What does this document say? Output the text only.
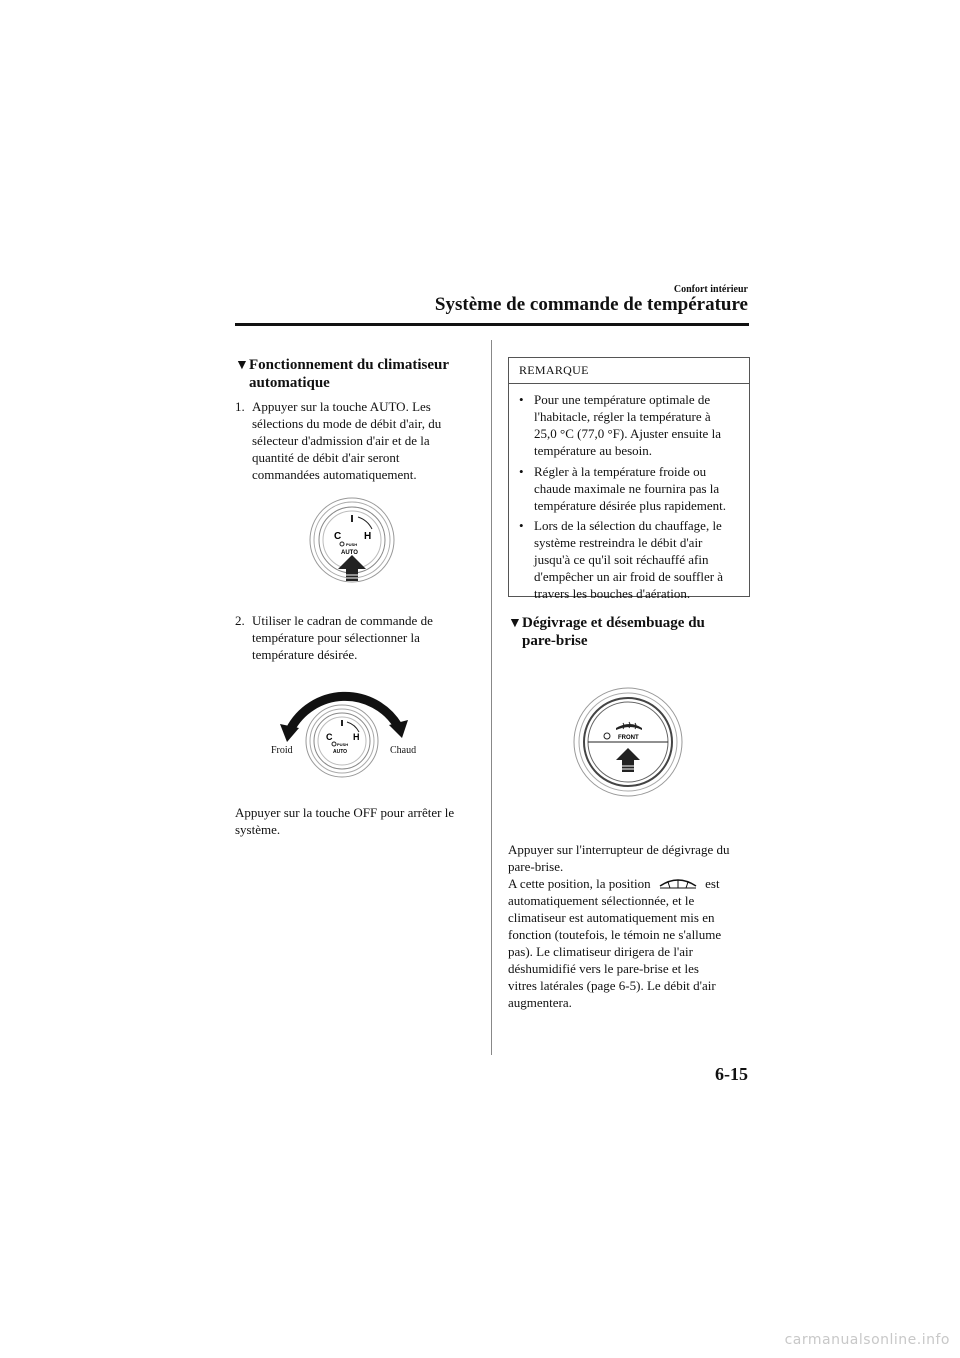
Confort intérieur
Système de commande de température
▼ Fonctionnement du climatiseur
automatique
1. Appuyer sur la touche AUTO. Les
sélections du mode de débit d'air, du
sélecteur d'admission d'air et de la
quantité de débit d'air seront
commandées automatiquement.
C H
PUSH
AUTO
2. Utiliser le cadran de commande de
température pour sélectionner la
température désirée.
C H
PUSH
AUTO
Froid	Chaud
Appuyer sur la touche OFF pour arrêter le
système.
REMARQUE
• Pour une température optimale de
l'habitacle, régler la température à
25,0 °C (77,0 °F). Ajuster ensuite la
température au besoin.
• Régler à la température froide ou
chaude maximale ne fournira pas la
température désirée plus rapidement.
• Lors de la sélection du chauffage, le
système restreindra le débit d'air
jusqu'à ce qu'il soit réchauffé afin
d'empêcher un air froid de souffler à
travers les bouches d'aération.
▼ Dégivrage et désembuage du
pare-brise
FRONT
Appuyer sur l'interrupteur de dégivrage du
pare-brise.
A cette position, la position	est
automatiquement sélectionnée, et le
climatiseur est automatiquement mis en
fonction (toutefois, le témoin ne s'allume
pas). Le climatiseur dirigera de l'air
déshumidifié vers le pare-brise et les
vitres latérales (page 6-5). Le débit d'air
augmentera.
6-15
carmanualsonline.info
